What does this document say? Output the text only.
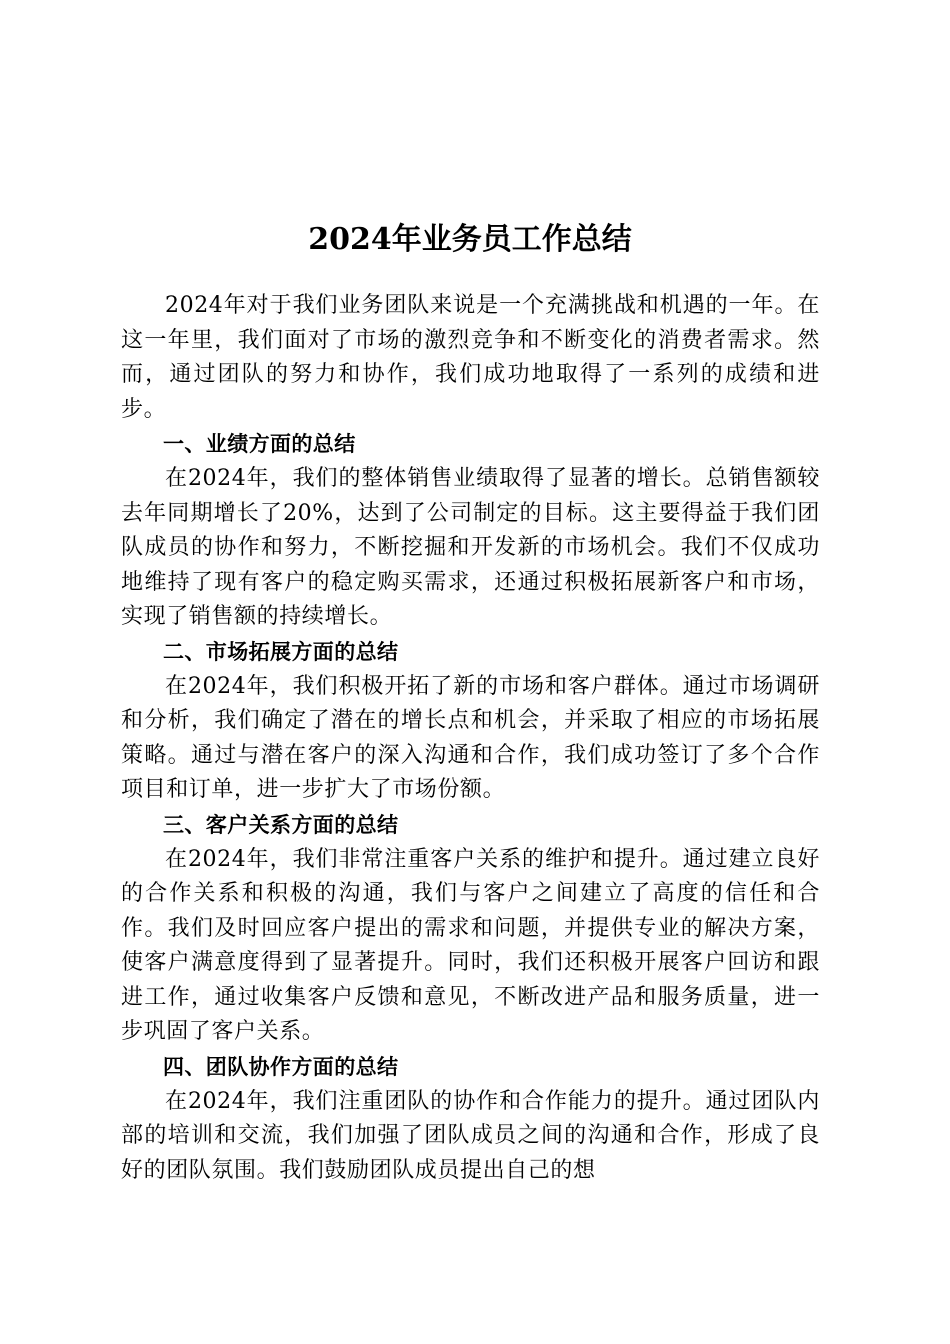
2024年业务员工作总结

2024年对于我们业务团队来说是一个充满挑战和机遇的一年。在这一年里，我们面对了市场的激烈竞争和不断变化的消费者需求。然而，通过团队的努力和协作，我们成功地取得了一系列的成绩和进步。

一、业绩方面的总结

在2024年，我们的整体销售业绩取得了显著的增长。总销售额较去年同期增长了20%，达到了公司制定的目标。这主要得益于我们团队成员的协作和努力，不断挖掘和开发新的市场机会。我们不仅成功地维持了现有客户的稳定购买需求，还通过积极拓展新客户和市场，实现了销售额的持续增长。

二、市场拓展方面的总结

在2024年，我们积极开拓了新的市场和客户群体。通过市场调研和分析，我们确定了潜在的增长点和机会，并采取了相应的市场拓展策略。通过与潜在客户的深入沟通和合作，我们成功签订了多个合作项目和订单，进一步扩大了市场份额。

三、客户关系方面的总结

在2024年，我们非常注重客户关系的维护和提升。通过建立良好的合作关系和积极的沟通，我们与客户之间建立了高度的信任和合作。我们及时回应客户提出的需求和问题，并提供专业的解决方案，使客户满意度得到了显著提升。同时，我们还积极开展客户回访和跟进工作，通过收集客户反馈和意见，不断改进产品和服务质量，进一步巩固了客户关系。

四、团队协作方面的总结

在2024年，我们注重团队的协作和合作能力的提升。通过团队内部的培训和交流，我们加强了团队成员之间的沟通和合作，形成了良好的团队氛围。我们鼓励团队成员提出自己的想
